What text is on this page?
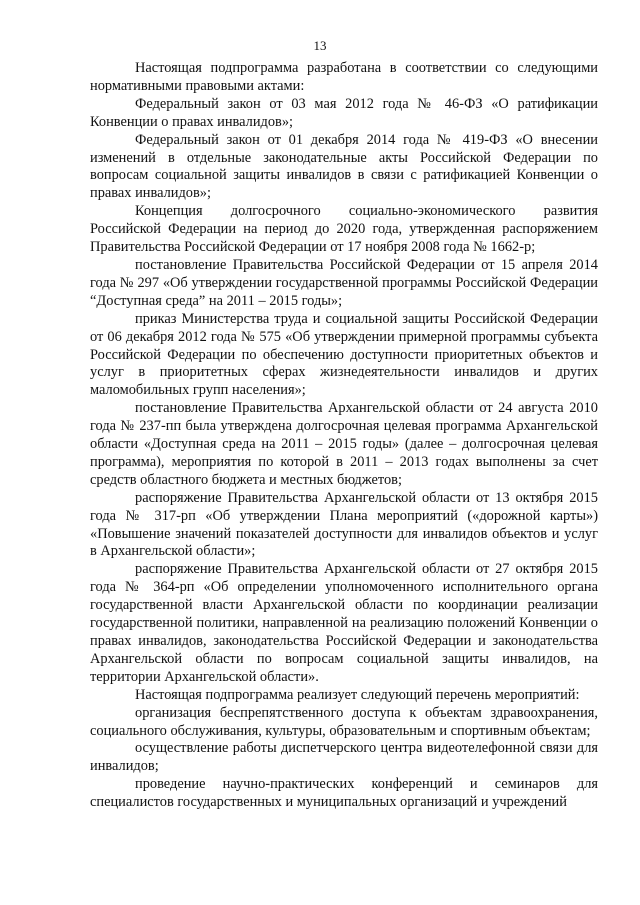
13

Настоящая подпрограмма разработана в соответствии со следующими нормативными правовыми актами:

Федеральный закон от 03 мая 2012 года № 46-ФЗ «О ратификации Конвенции о правах инвалидов»;

Федеральный закон от 01 декабря 2014 года № 419-ФЗ «О внесении изменений в отдельные законодательные акты Российской Федерации по вопросам социальной защиты инвалидов в связи с ратификацией Конвенции о правах инвалидов»;

Концепция долгосрочного социально-экономического развития Российской Федерации на период до 2020 года, утвержденная распоряжением Правительства Российской Федерации от 17 ноября 2008 года № 1662-р;

постановление Правительства Российской Федерации от 15 апреля 2014 года № 297 «Об утверждении государственной программы Российской Федерации “Доступная среда” на 2011 – 2015 годы»;

приказ Министерства труда и социальной защиты Российской Федерации от 06 декабря 2012 года № 575 «Об утверждении примерной программы субъекта Российской Федерации по обеспечению доступности приоритетных объектов и услуг в приоритетных сферах жизнедеятельности инвалидов и других маломобильных групп населения»;

постановление Правительства Архангельской области от 24 августа 2010 года № 237-пп была утверждена долгосрочная целевая программа Архангельской области «Доступная среда на 2011 – 2015 годы» (далее – долгосрочная целевая программа), мероприятия по которой в 2011 – 2013 годах выполнены за счет средств областного бюджета и местных бюджетов;

распоряжение Правительства Архангельской области от 13 октября 2015 года № 317-рп «Об утверждении Плана мероприятий («дорожной карты») «Повышение значений показателей доступности для инвалидов объектов и услуг в Архангельской области»;

распоряжение Правительства Архангельской области от 27 октября 2015 года № 364-рп «Об определении уполномоченного исполнительного органа государственной власти Архангельской области по координации реализации государственной политики, направленной на реализацию положений Конвенции о правах инвалидов, законодательства Российской Федерации и законодательства Архангельской области по вопросам социальной защиты инвалидов, на территории Архангельской области».

Настоящая подпрограмма реализует следующий перечень мероприятий:

организация беспрепятственного доступа к объектам здравоохранения, социального обслуживания, культуры, образовательным и спортивным объектам;

осуществление работы диспетчерского центра видеотелефонной связи для инвалидов;

проведение научно-практических конференций и семинаров для специалистов государственных и муниципальных организаций и учреждений
